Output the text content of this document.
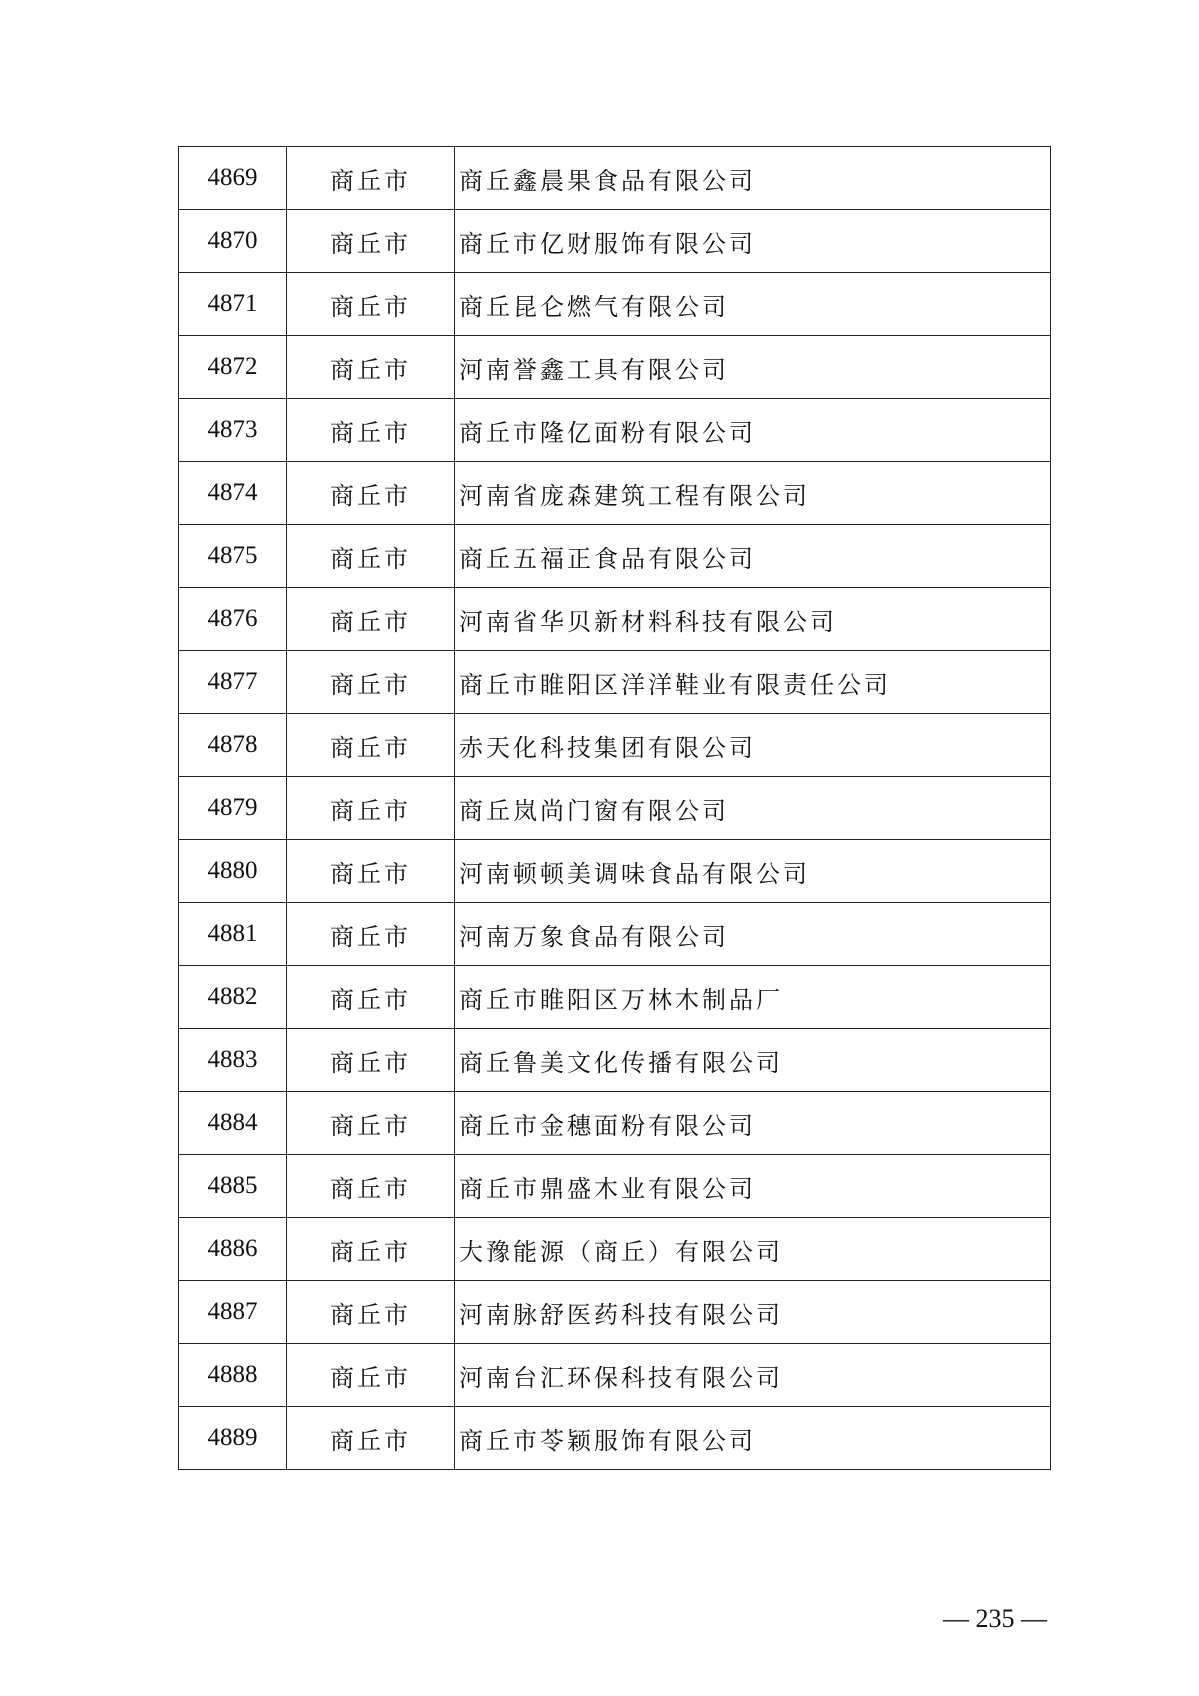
4869	商丘市	商丘鑫晨果食品有限公司
4870	商丘市	商丘市亿财服饰有限公司
4871	商丘市	商丘昆仑燃气有限公司
4872	商丘市	河南誉鑫工具有限公司
4873	商丘市	商丘市隆亿面粉有限公司
4874	商丘市	河南省庞森建筑工程有限公司
4875	商丘市	商丘五福正食品有限公司
4876	商丘市	河南省华贝新材料科技有限公司
4877	商丘市	商丘市睢阳区洋洋鞋业有限责任公司
4878	商丘市	赤天化科技集团有限公司
4879	商丘市	商丘岚尚门窗有限公司
4880	商丘市	河南顿顿美调味食品有限公司
4881	商丘市	河南万象食品有限公司
4882	商丘市	商丘市睢阳区万林木制品厂
4883	商丘市	商丘鲁美文化传播有限公司
4884	商丘市	商丘市金穗面粉有限公司
4885	商丘市	商丘市鼎盛木业有限公司
4886	商丘市	大豫能源（商丘）有限公司
4887	商丘市	河南脉舒医药科技有限公司
4888	商丘市	河南台汇环保科技有限公司
4889	商丘市	商丘市苓颖服饰有限公司
— 235 —
